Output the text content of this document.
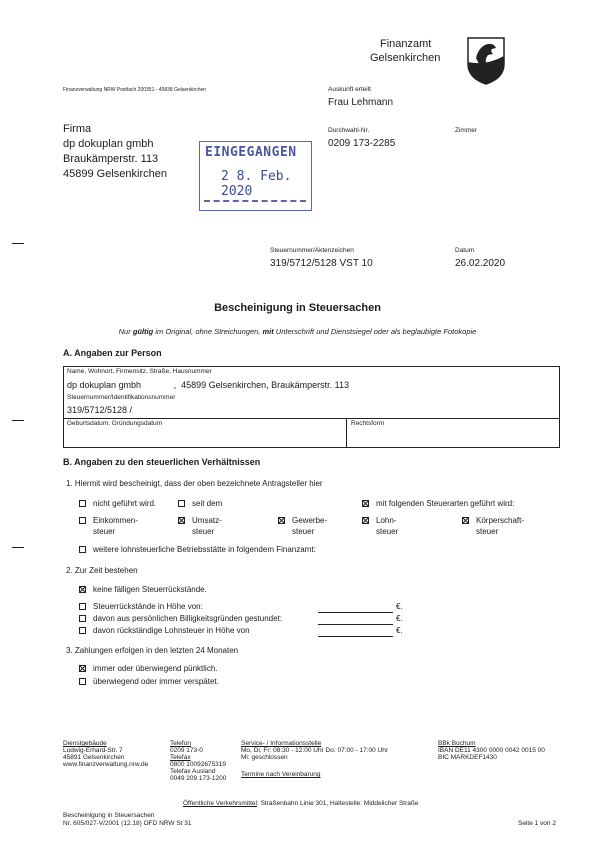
Finanzamt
Gelsenkirchen
Finanzverwaltung NRW Postfach 200351 - 45838 Gelsenkirchen	Auskunft erteilt
Frau Lehmann
Durchwahl-Nr.
0209 173-2285
Zimmer
Firma
dp dokuplan gmbh
Braukämperstr. 113
45899 Gelsenkirchen
EINGEGANGEN
2 8. Feb. 2020
Steuernummer/Aktenzeichen
319/5712/5128 VST 10
Datum
26.02.2020
Bescheinigung in Steuersachen
Nur gültig im Original, ohne Streichungen, mit Unterschrift und Dienstsiegel oder als beglaubigte Fotokopie
A. Angaben zur Person
Name, Wohnort, Firmensitz, Straße, Hausnummer
dp dokuplan gmbh             ,  45899 Gelsenkirchen, Braukämperstr. 113
Steuernummer/Identifikationsnummer
319/5712/5128 /
Geburtsdatum, Gründungsdatum	Rechtsform
B. Angaben zu den steuerlichen Verhältnissen
1. Hiermit wird bescheinigt, dass der oben bezeichnete Antragsteller hier
nicht geführt wird.	seit dem	mit folgenden Steuerarten geführt wird:
Einkommen-
steuer
Umsatz-
steuer
Gewerbe-
steuer
Lohn-
steuer
Körperschaft-
steuer
weitere lohnsteuerliche Betriebsstätte in folgendem Finanzamt:
2. Zur Zeit bestehen
keine fälligen Steuerrückstände.
Steuerrückstände in Höhe von:	€.
davon aus persönlichen Billigkeitsgründen gestundet:	€.
davon rückständige Lohnsteuer in Höhe von	€.
3. Zahlungen erfolgen in den letzten 24 Monaten
immer oder überwiegend pünktlich.
überwiegend oder immer verspätet.
Dienstgebäude
Ludwig-Erhard-Str. 7
45891 Gelsenkirchen
www.finanzverwaltung.nrw.de
Telefon
0209 173-0
Telefax
0800 10092675319
Telefax Ausland
0049 209 173-1200
Service- / Informationsstelle
Mo, Di, Fr: 08:30 - 12:00 Uhr Do: 07:00 - 17:00 Uhr
Mi: geschlossen
Termine nach Vereinbarung
BBk Bochum
IBAN DE11 4300 0000 0042 0015 00
BIC MARKDEF1430
Öffentliche Verkehrsmittel: Straßenbahn Linie 301, Haltestelle: Middelicher Straße
Bescheinigung in Steuersachen
Nr. 605/027-V/2001 (12.18) OFD NRW St 31	Seite 1 von 2
